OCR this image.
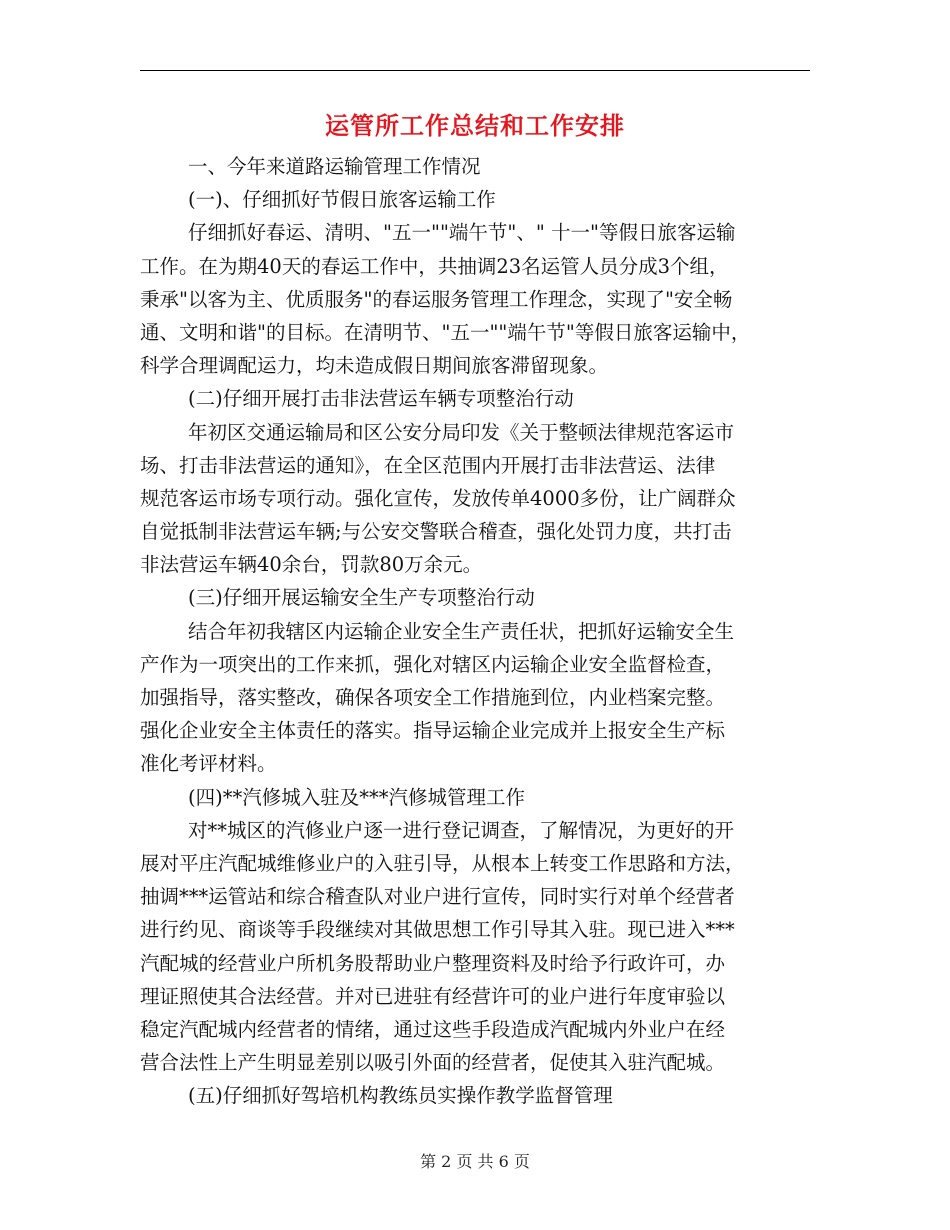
运管所工作总结和工作安排
一、今年来道路运输管理工作情况
(一)、仔细抓好节假日旅客运输工作
仔细抓好春运、清明、"五一""端午节"、" 十一"等假日旅客运输
工作。在为期40天的春运工作中，共抽调23名运管人员分成3个组，
秉承"以客为主、优质服务"的春运服务管理工作理念，实现了"安全畅
通、文明和谐"的目标。在清明节、"五一""端午节"等假日旅客运输中，
科学合理调配运力，均未造成假日期间旅客滞留现象。
(二)仔细开展打击非法营运车辆专项整治行动
年初区交通运输局和区公安分局印发《关于整顿法律规范客运市
场、打击非法营运的通知》，在全区范围内开展打击非法营运、法律
规范客运市场专项行动。强化宣传，发放传单4000多份，让广阔群众
自觉抵制非法营运车辆;与公安交警联合稽查，强化处罚力度，共打击
非法营运车辆40余台，罚款80万余元。
(三)仔细开展运输安全生产专项整治行动
结合年初我辖区内运输企业安全生产责任状，把抓好运输安全生
产作为一项突出的工作来抓，强化对辖区内运输企业安全监督检查，
加强指导，落实整改，确保各项安全工作措施到位，内业档案完整。
强化企业安全主体责任的落实。指导运输企业完成并上报安全生产标
准化考评材料。
(四)**汽修城入驻及***汽修城管理工作
对**城区的汽修业户逐一进行登记调查，了解情况，为更好的开
展对平庄汽配城维修业户的入驻引导，从根本上转变工作思路和方法，
抽调***运管站和综合稽查队对业户进行宣传，同时实行对单个经营者
进行约见、商谈等手段继续对其做思想工作引导其入驻。现已进入***
汽配城的经营业户所机务股帮助业户整理资料及时给予行政许可，办
理证照使其合法经营。并对已进驻有经营许可的业户进行年度审验以
稳定汽配城内经营者的情绪，通过这些手段造成汽配城内外业户在经
营合法性上产生明显差别以吸引外面的经营者，促使其入驻汽配城。
(五)仔细抓好驾培机构教练员实操作教学监督管理
第 2 页 共 6 页
